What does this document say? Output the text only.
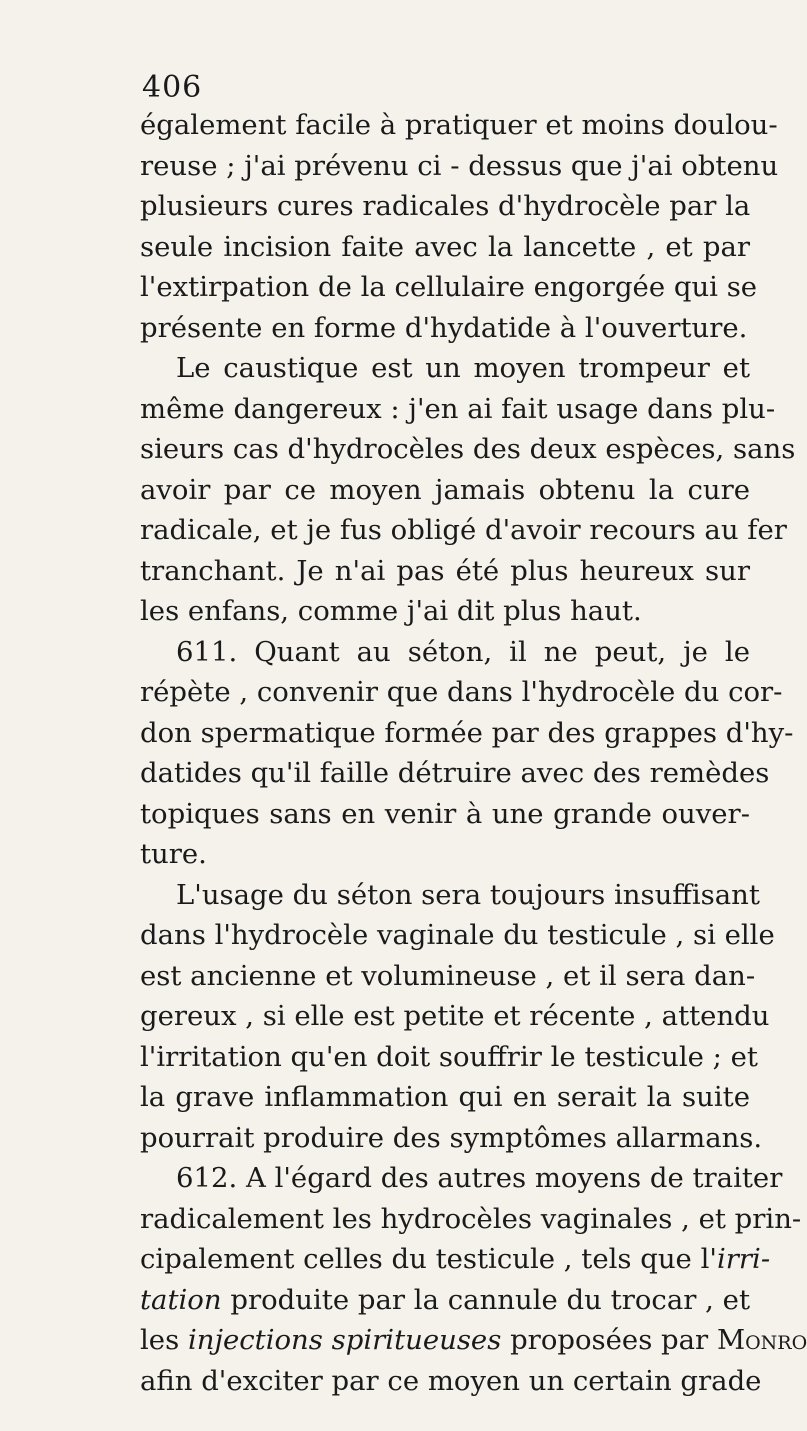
406
également facile à pratiquer et moins doulou-
reuse ; j'ai prévenu ci - dessus que j'ai obtenu
plusieurs cures radicales d'hydrocèle par la
seule incision faite avec la lancette , et par
l'extirpation de la cellulaire engorgée qui se
présente en forme d'hydatide à l'ouverture.
Le caustique est un moyen trompeur et
même dangereux : j'en ai fait usage dans plu-
sieurs cas d'hydrocèles des deux espèces, sans
avoir par ce moyen jamais obtenu la cure
radicale, et je fus obligé d'avoir recours au fer
tranchant. Je n'ai pas été plus heureux sur
les enfans, comme j'ai dit plus haut.
611. Quant au séton, il ne peut, je le
répète , convenir que dans l'hydrocèle du cor-
don spermatique formée par des grappes d'hy-
datides qu'il faille détruire avec des remèdes
topiques sans en venir à une grande ouver-
ture.
L'usage du séton sera toujours insuffisant
dans l'hydrocèle vaginale du testicule , si elle
est ancienne et volumineuse , et il sera dan-
gereux , si elle est petite et récente , attendu
l'irritation qu'en doit souffrir le testicule ; et
la grave inflammation qui en serait la suite
pourrait produire des symptômes allarmans.
612. A l'égard des autres moyens de traiter
radicalement les hydrocèles vaginales , et prin-
cipalement celles du testicule , tels que l'irri-
tation produite par la cannule du trocar , et
les injections spiritueuses proposées par Monro
afin d'exciter par ce moyen un certain grade
